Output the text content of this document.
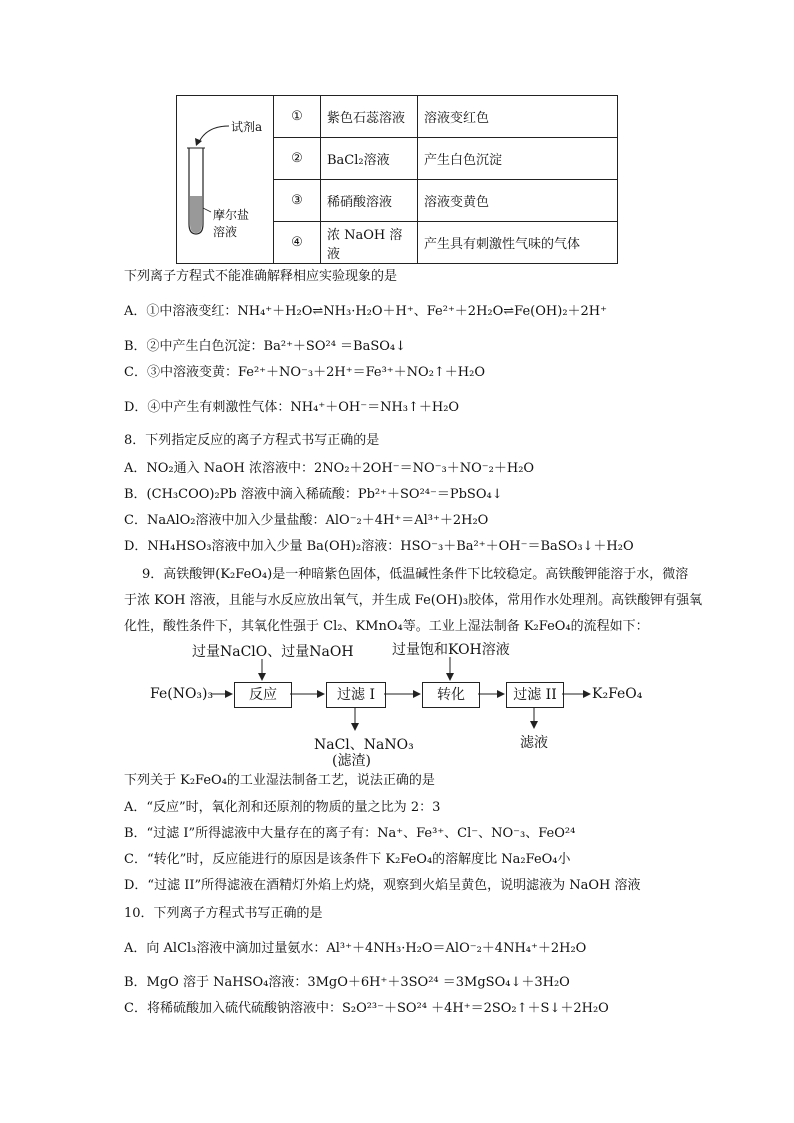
试剂a
摩尔盐
溶液	①	紫色石蕊溶液	溶液变红色
	②	BaCl₂溶液	产生白色沉淀
	③	稀硝酸溶液	溶液变黄色
	④	浓 NaOH 溶液	产生具有刺激性气味的气体
下列离子方程式不能准确解释相应实验现象的是
A．①中溶液变红：NH₄⁺＋H₂O⇌NH₃·H₂O＋H⁺、Fe²⁺＋2H₂O⇌Fe(OH)₂＋2H⁺
B．②中产生白色沉淀：Ba²⁺＋SO²⁴ ＝BaSO₄↓
C．③中溶液变黄：Fe²⁺＋NO⁻₃＋2H⁺＝Fe³⁺＋NO₂↑＋H₂O
D．④中产生有刺激性气体：NH₄⁺＋OH⁻＝NH₃↑＋H₂O
8．下列指定反应的离子方程式书写正确的是
A．NO₂通入 NaOH 浓溶液中：2NO₂＋2OH⁻＝NO⁻₃＋NO⁻₂＋H₂O
B．(CH₃COO)₂Pb 溶液中滴入稀硫酸：Pb²⁺＋SO²⁴⁻＝PbSO₄↓
C．NaAlO₂溶液中加入少量盐酸：AlO⁻₂＋4H⁺＝Al³⁺＋2H₂O
D．NH₄HSO₃溶液中加入少量 Ba(OH)₂溶液：HSO⁻₃＋Ba²⁺＋OH⁻＝BaSO₃↓＋H₂O
9．高铁酸钾(K₂FeO₄)是一种暗紫色固体，低温碱性条件下比较稳定。高铁酸钾能溶于水，微溶
于浓 KOH 溶液，且能与水反应放出氧气，并生成 Fe(OH)₃胶体，常用作水处理剂。高铁酸钾有强氧
化性，酸性条件下，其氧化性强于 Cl₂、KMnO₄等。工业上湿法制备 K₂FeO₄的流程如下：
过量NaClO、过量NaOH	过量饱和KOH溶液
Fe(NO₃)₃	反应	过滤 I	转化	过滤 II	K₂FeO₄
NaCl、NaNO₃
(滤渣)
滤液
下列关于 K₂FeO₄的工业湿法制备工艺，说法正确的是
A．“反应”时，氧化剂和还原剂的物质的量之比为 2：3
B．“过滤 I”所得滤液中大量存在的离子有：Na⁺、Fe³⁺、Cl⁻、NO⁻₃、FeO²⁴
C．“转化”时，反应能进行的原因是该条件下 K₂FeO₄的溶解度比 Na₂FeO₄小
D．“过滤 II”所得滤液在酒精灯外焰上灼烧，观察到火焰呈黄色，说明滤液为 NaOH 溶液
10．下列离子方程式书写正确的是
A．向 AlCl₃溶液中滴加过量氨水：Al³⁺＋4NH₃·H₂O＝AlO⁻₂＋4NH₄⁺＋2H₂O
B．MgO 溶于 NaHSO₄溶液：3MgO＋6H⁺＋3SO²⁴ ＝3MgSO₄↓＋3H₂O
C．将稀硫酸加入硫代硫酸钠溶液中：S₂O²³⁻＋SO²⁴ ＋4H⁺＝2SO₂↑＋S↓＋2H₂O
